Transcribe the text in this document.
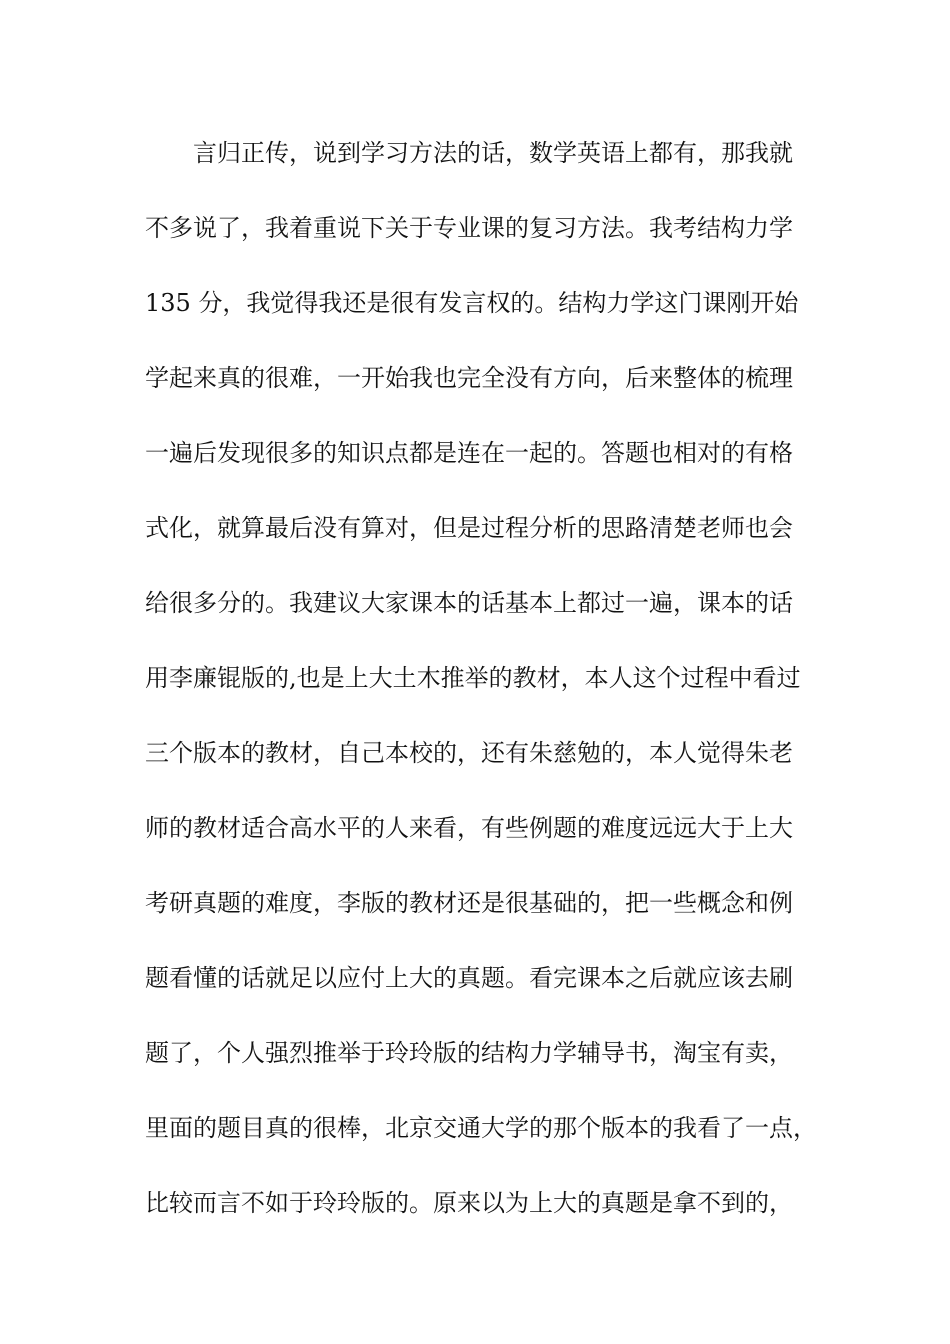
言归正传，说到学习方法的话，数学英语上都有，那我就
不多说了，我着重说下关于专业课的复习方法。我考结构力学
135 分，我觉得我还是很有发言权的。结构力学这门课刚开始
学起来真的很难，一开始我也完全没有方向，后来整体的梳理
一遍后发现很多的知识点都是连在一起的。答题也相对的有格
式化，就算最后没有算对，但是过程分析的思路清楚老师也会
给很多分的。我建议大家课本的话基本上都过一遍，课本的话
用李廉锟版的,也是上大土木推举的教材，本人这个过程中看过
三个版本的教材，自己本校的，还有朱慈勉的，本人觉得朱老
师的教材适合高水平的人来看，有些例题的难度远远大于上大
考研真题的难度，李版的教材还是很基础的，把一些概念和例
题看懂的话就足以应付上大的真题。看完课本之后就应该去刷
题了，个人强烈推举于玲玲版的结构力学辅导书，淘宝有卖，
里面的题目真的很棒，北京交通大学的那个版本的我看了一点，
比较而言不如于玲玲版的。原来以为上大的真题是拿不到的，
